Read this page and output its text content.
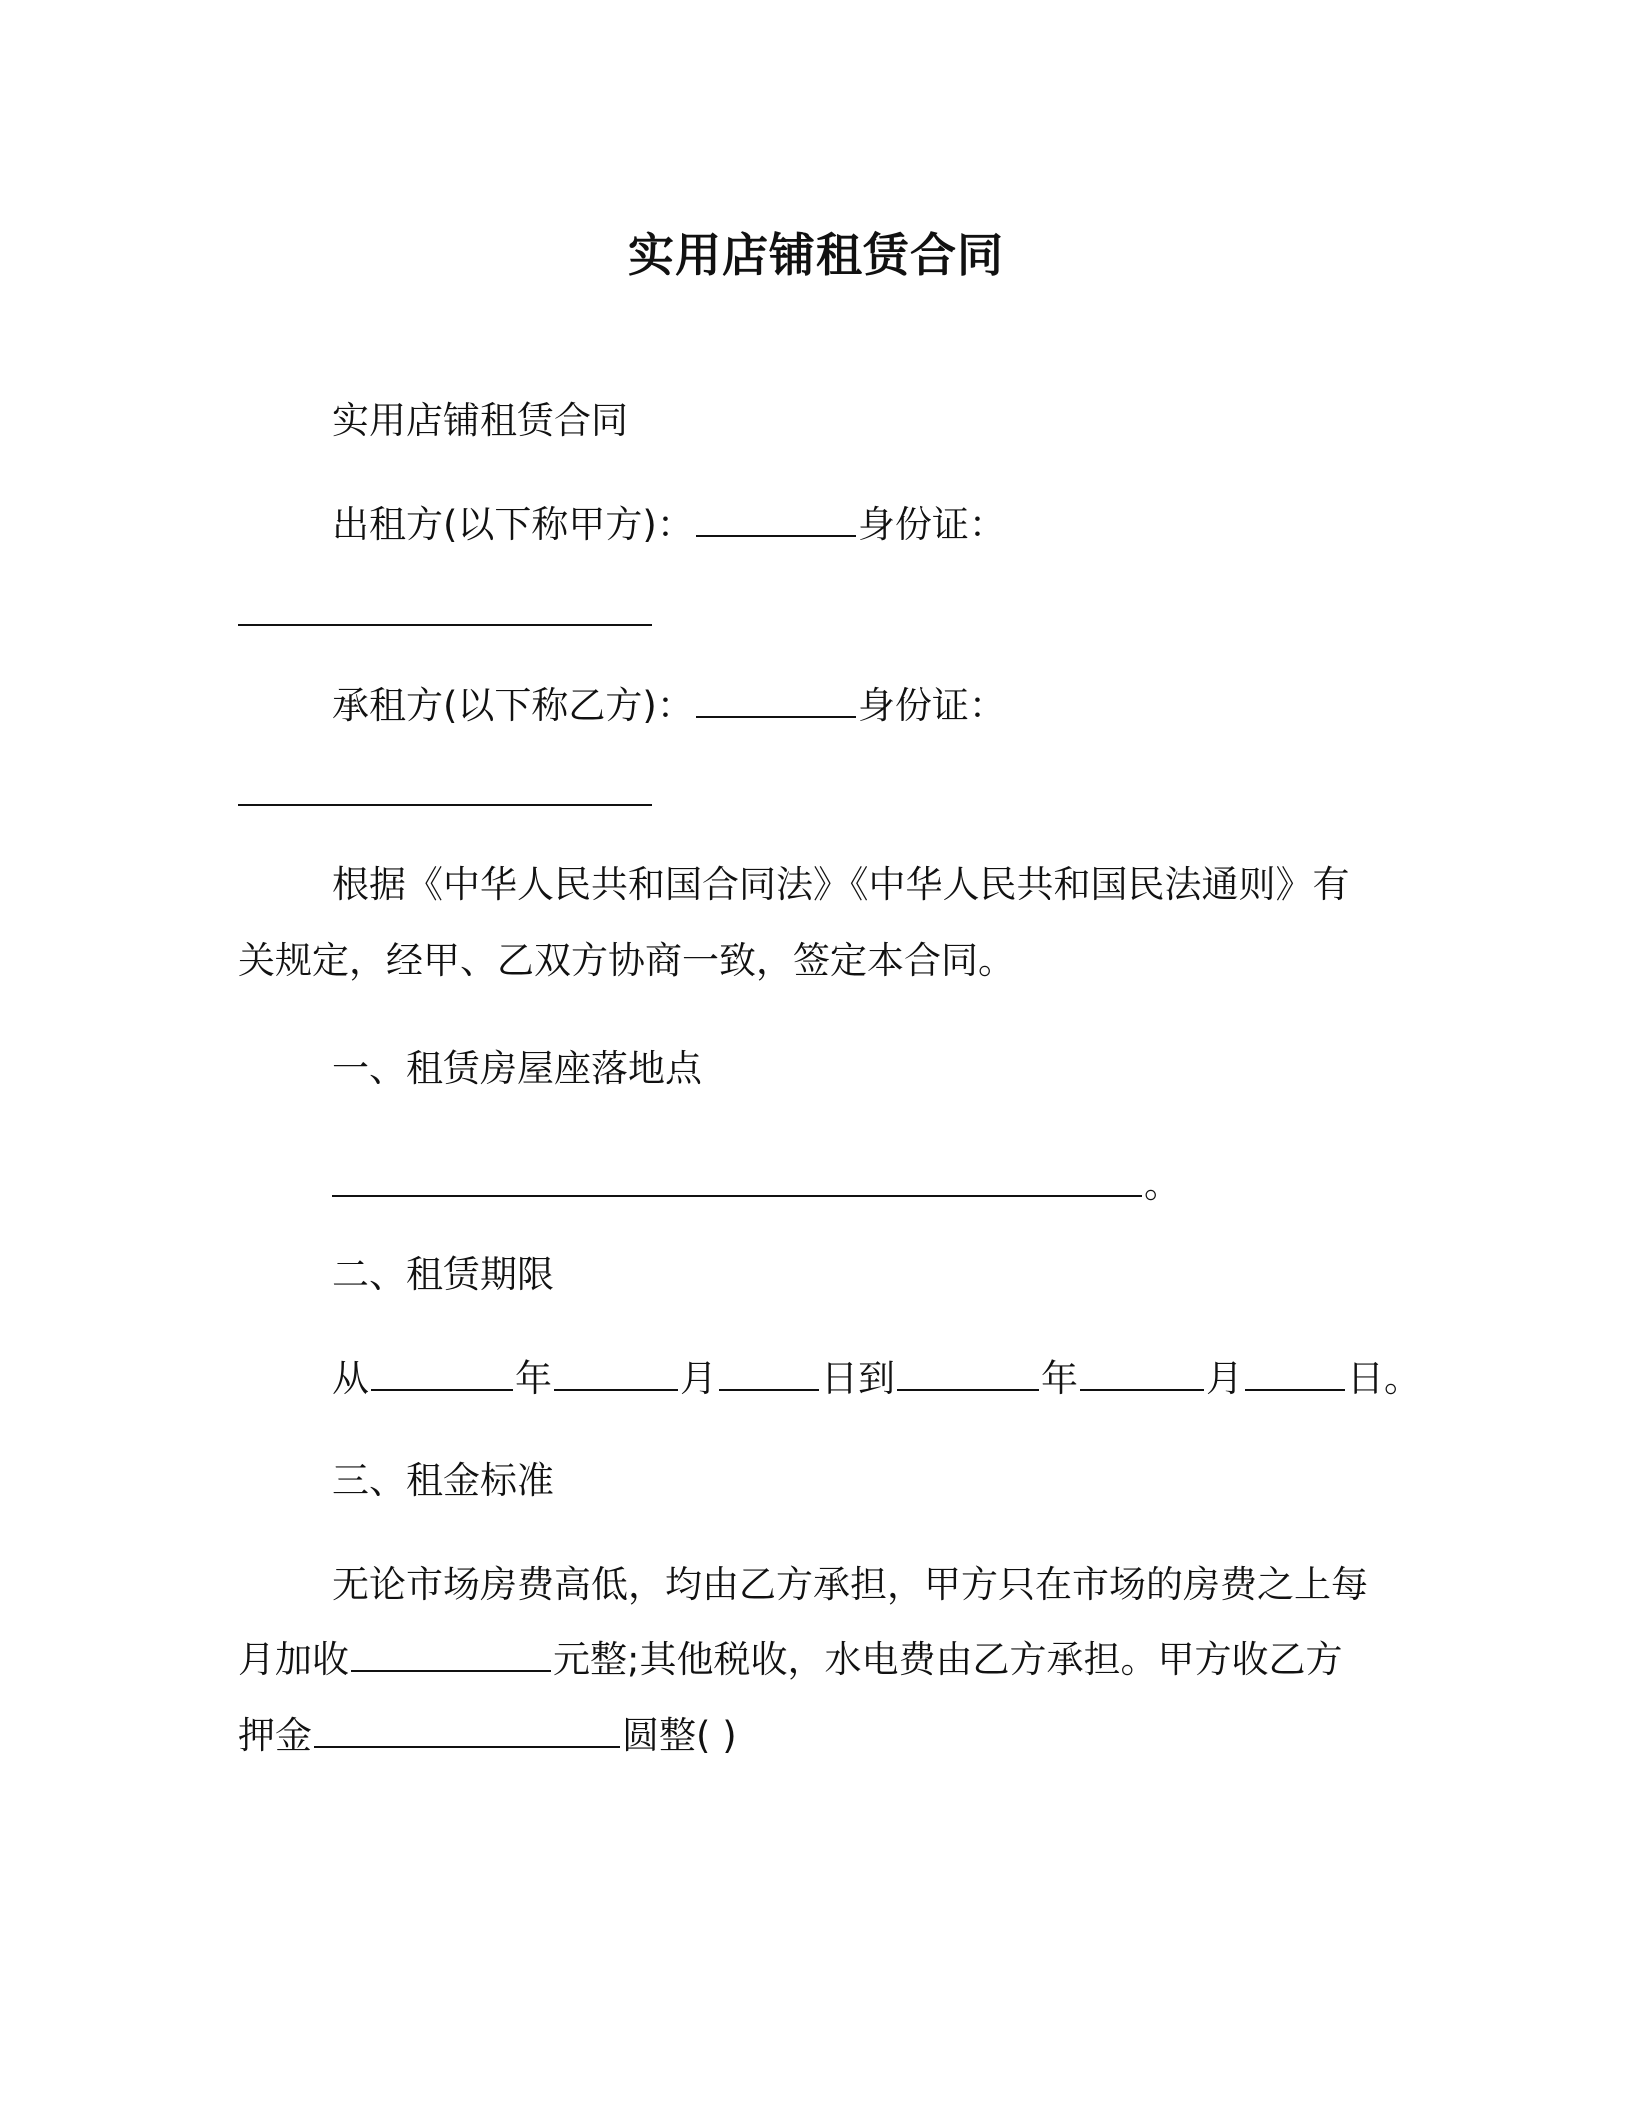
实用店铺租赁合同

实用店铺租赁合同

出租方(以下称甲方)：	身份证：

承租方(以下称乙方)：	身份证：

根据《中华人民共和国合同法》《中华人民共和国民法通则》有

关规定，经甲、乙双方协商一致，签定本合同。

一、租赁房屋座落地点

。

二、租赁期限

从	年	月	日到	年	月	日。

三、租金标准

无论市场房费高低，均由乙方承担，甲方只在市场的房费之上每

月加收	元整;其他税收，水电费由乙方承担。甲方收乙方

押金	圆整( )
